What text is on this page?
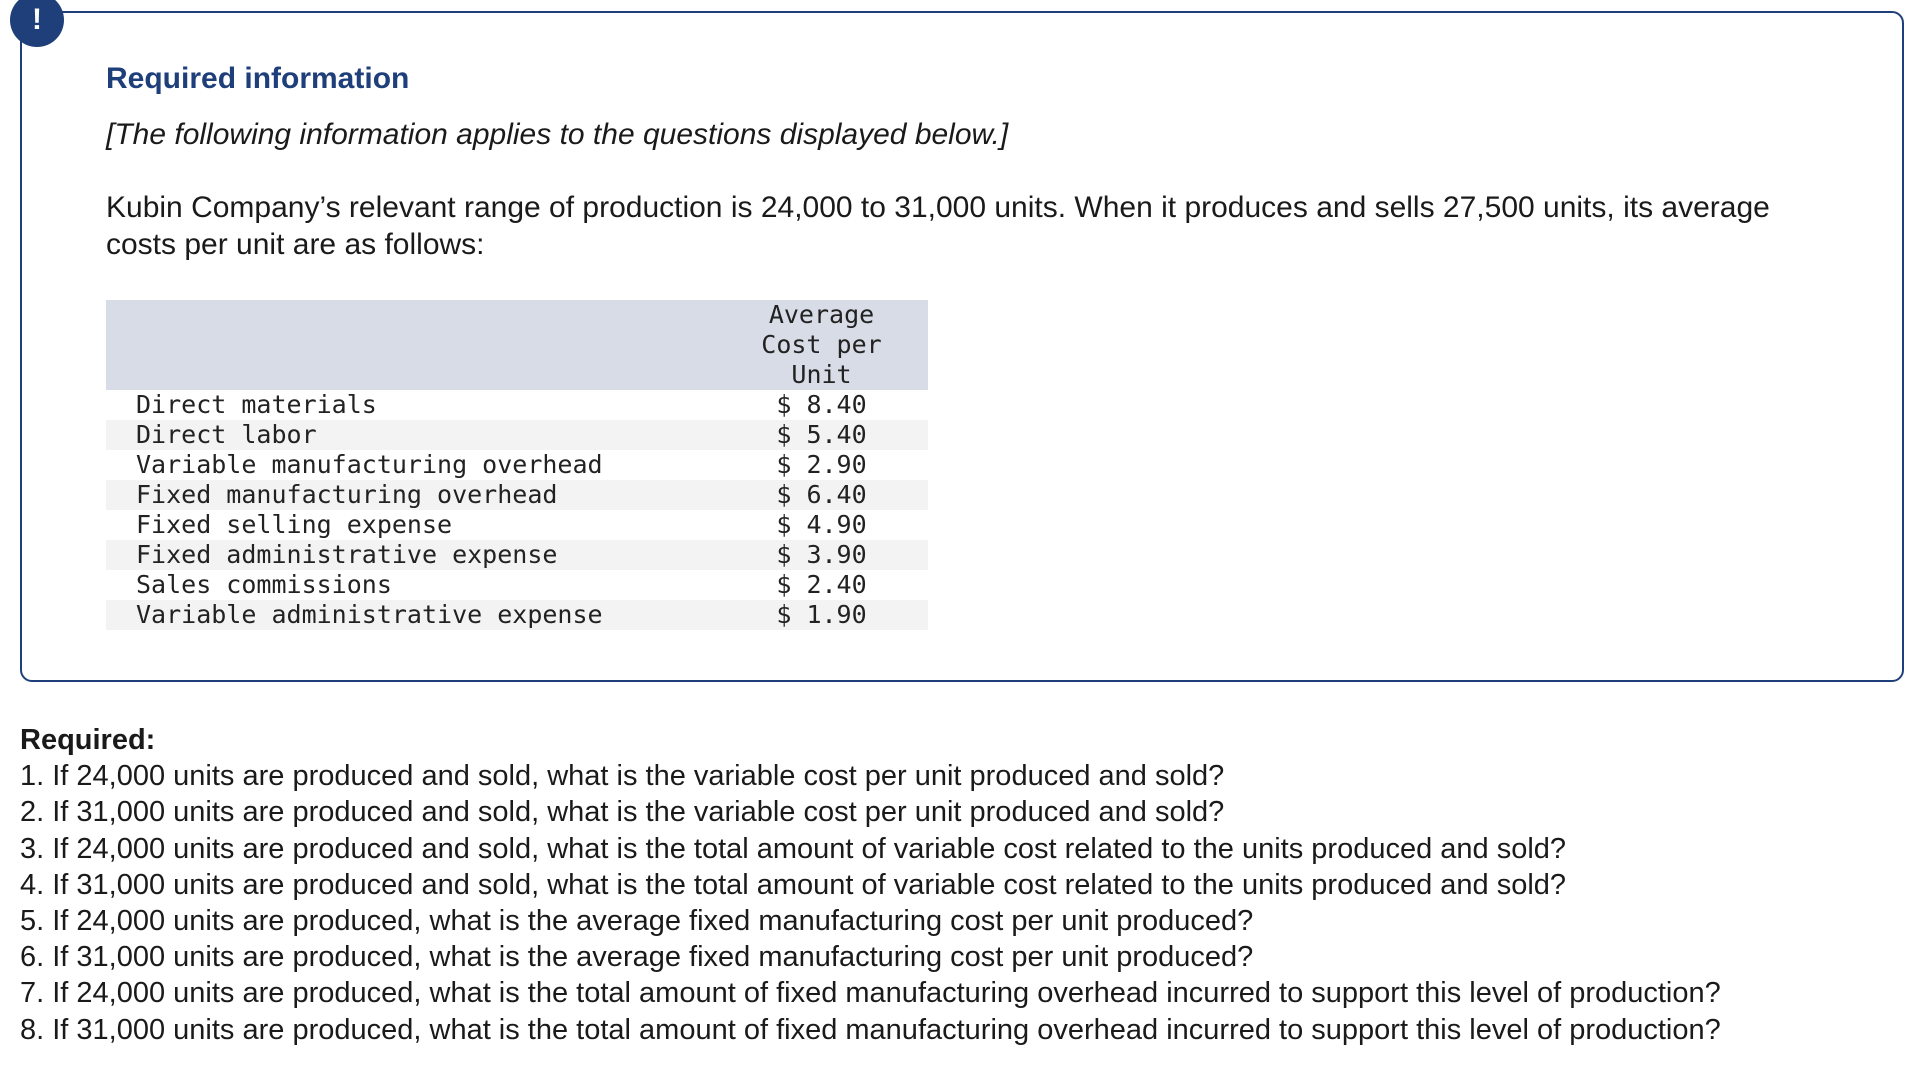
!
Required information

[The following information applies to the questions displayed below.]

Kubin Company’s relevant range of production is 24,000 to 31,000 units. When it produces and sells 27,500 units, its average costs per unit are as follows:

	Average Cost per Unit
Direct materials	$ 8.40
Direct labor	$ 5.40
Variable manufacturing overhead	$ 2.90
Fixed manufacturing overhead	$ 6.40
Fixed selling expense	$ 4.90
Fixed administrative expense	$ 3.90
Sales commissions	$ 2.40
Variable administrative expense	$ 1.90
Required:
1. If 24,000 units are produced and sold, what is the variable cost per unit produced and sold?
2. If 31,000 units are produced and sold, what is the variable cost per unit produced and sold?
3. If 24,000 units are produced and sold, what is the total amount of variable cost related to the units produced and sold?
4. If 31,000 units are produced and sold, what is the total amount of variable cost related to the units produced and sold?
5. If 24,000 units are produced, what is the average fixed manufacturing cost per unit produced?
6. If 31,000 units are produced, what is the average fixed manufacturing cost per unit produced?
7. If 24,000 units are produced, what is the total amount of fixed manufacturing overhead incurred to support this level of production?
8. If 31,000 units are produced, what is the total amount of fixed manufacturing overhead incurred to support this level of production?
